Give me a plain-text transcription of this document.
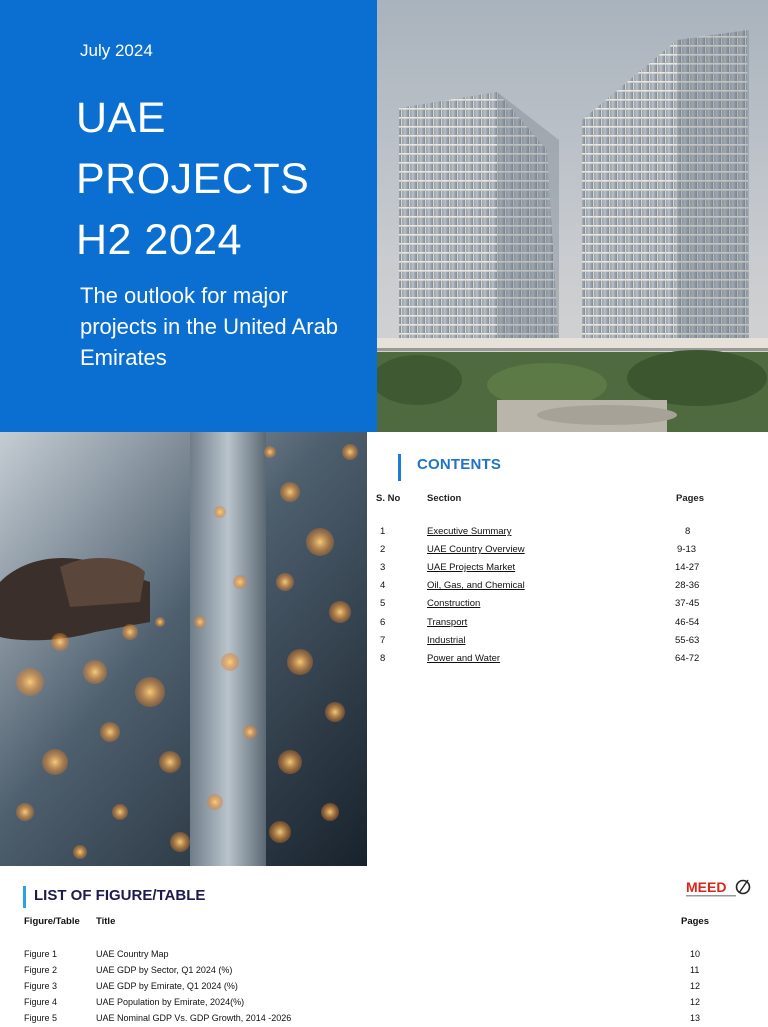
July 2024
UAE
PROJECTS
H2 2024
The outlook for major projects in the United Arab Emirates
CONTENTS
S. No	Section	Pages
1	Executive Summary	8
2	UAE Country Overview	9-13
3	UAE Projects Market	14-27
4	Oil, Gas, and Chemical	28-36
5	Construction	37-45
6	Transport	46-54
7	Industrial	55-63
8	Power and Water	64-72
LIST OF FIGURE/TABLE	MEED
Figure/Table Title	Pages
Figure 1	UAE Country Map	10
Figure 2	UAE GDP by Sector, Q1 2024 (%)	11
Figure 3	UAE GDP by Emirate, Q1 2024 (%)	12
Figure 4	UAE Population by Emirate, 2024(%)	12
Figure 5	UAE Nominal GDP Vs. GDP Growth, 2014 -2026	13
